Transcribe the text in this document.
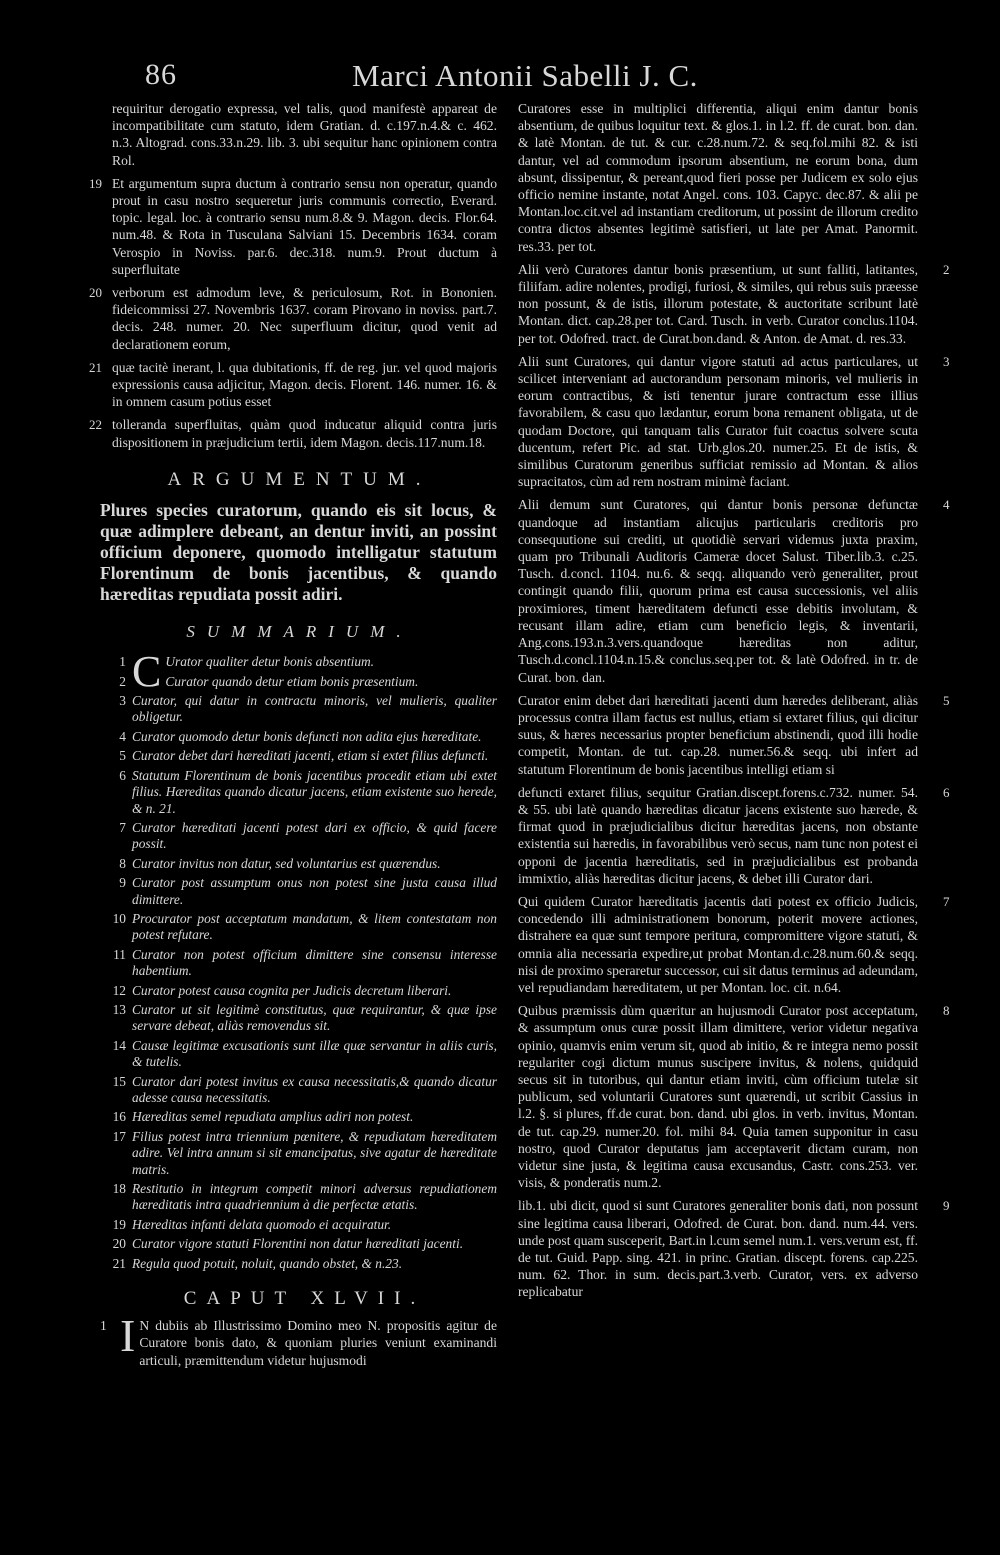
86	Marci Antonii Sabelli J. C.

requiritur derogatio expressa, vel talis, quod manifestè appareat de incompatibilitate cum statuto, idem Gratian. d. c.197.n.4.& c. 462. n.3. Altograd. cons.33.n.29. lib. 3. ubi sequitur hanc opinionem contra Rol.

19 Et argumentum supra ductum à contrario sensu non operatur, quando prout in casu nostro sequeretur juris communis correctio, Everard. topic. legal. loc. à contrario sensu num.8.& 9. Magon. decis. Flor.64. num.48. & Rota in Tusculana Salviani 15. Decembris 1634. coram Verospio in Noviss. par.6. dec.318. num.9. Prout ductum à superfluitate

20 verborum est admodum leve, & periculosum, Rot. in Bononien. fideicommissi 27. Novembris 1637. coram Pirovano in noviss. part.7. decis. 248. numer. 20. Nec superfluum dicitur, quod venit ad declarationem eorum,

21 quæ tacitè inerant, l. qua dubitationis, ff. de reg. jur. vel quod majoris expressionis causa adjicitur, Magon. decis. Florent. 146. numer. 16. & in omnem casum potius esset

22 tolleranda superfluitas, quàm quod inducatur aliquid contra juris dispositionem in præjudicium tertii, idem Magon. decis.117.num.18.

ARGUMENTUM.
Plures species curatorum, quando eis sit locus, & quæ adimplere debeant, an dentur inviti, an possint officium deponere, quomodo intelligatur statutum Florentinum de bonis jacentibus, & quando hæreditas repudiata possit adiri.
SUMMARIUM.
1 C Urator qualiter detur bonis absentium.
2	Curator quando detur etiam bonis præsentium.
3 Curator, qui datur in contractu minoris, vel mulieris, qualiter obligetur.
4 Curator quomodo detur bonis defuncti non adita ejus hæreditate.
5 Curator debet dari hæreditati jacenti, etiam si extet filius defuncti.
6 Statutum Florentinum de bonis jacentibus procedit etiam ubi extet filius. Hæreditas quando dicatur jacens, etiam existente suo herede, & n. 21.
7 Curator hæreditati jacenti potest dari ex officio, & quid facere possit.
8 Curator invitus non datur, sed voluntarius est quærendus.
9 Curator post assumptum onus non potest sine justa causa illud dimittere.
10 Procurator post acceptatum mandatum, & litem contestatam non potest refutare.
11 Curator non potest officium dimittere sine consensu interesse habentium.
12 Curator potest causa cognita per Judicis decretum liberari.
13 Curator ut sit legitimè constitutus, quæ requirantur, & quæ ipse servare debeat, aliàs removendus sit.
14 Causæ legitimæ excusationis sunt illæ quæ servantur in aliis curis, & tutelis.
15 Curator dari potest invitus ex causa necessitatis,& quando dicatur adesse causa necessitatis.
16 Hæreditas semel repudiata amplius adiri non potest.
17 Filius potest intra triennium pœnitere, & repudiatam hæreditatem adire. Vel intra annum si sit emancipatus, sive agatur de hæreditate matris.
18 Restitutio in integrum competit minori adversus repudiationem hæreditatis intra quadriennium à die perfectæ ætatis.
19 Hæreditas infanti delata quomodo ei acquiratur.
20 Curator vigore statuti Florentini non datur hæreditati jacenti.
21 Regula quod potuit, noluit, quando obstet, & n.23.
CAPUT XLVII.
1 I N dubiis ab Illustrissimo Domino meo N. propositis agitur de Curatore bonis dato, & quoniam pluries veniunt examinandi articuli, præmittendum videtur hujusmodi

Curatores esse in multiplici differentia, aliqui enim dantur bonis absentium, de quibus loquitur text. & glos.1. in l.2. ff. de curat. bon. dan. & latè Montan. de tut. & cur. c.28.num.72. & seq.fol.mihi 82. & isti dantur, vel ad commodum ipsorum absentium, ne eorum bona, dum absunt, dissipentur, & pereant,quod fieri posse per Judicem ex solo ejus officio nemine instante, notat Angel. cons. 103. Capyc. dec.87. & alii pe Montan.loc.cit.vel ad instantiam creditorum, ut possint de illorum credito contra dictos absentes legitimè satisfieri, ut late per Amat. Panormit. res.33. per tot.

2
Alii verò Curatores dantur bonis præsentium, ut sunt falliti, latitantes, filiifam. adire nolentes, prodigi, furiosi, & similes, qui rebus suis præesse non possunt, & de istis, illorum potestate, & auctoritate scribunt latè Montan. dict. cap.28.per tot. Card. Tusch. in verb. Curator conclus.1104. per tot. Odofred. tract. de Curat.bon.dand. & Anton. de Amat. d. res.33.

3
Alii sunt Curatores, qui dantur vigore statuti ad actus particulares, ut scilicet interveniant ad auctorandum personam minoris, vel mulieris in eorum contractibus, & isti tenentur jurare contractum esse illius favorabilem, & casu quo lædantur, eorum bona remanent obligata, ut de quodam Doctore, qui tanquam talis Curator fuit coactus solvere scuta ducentum, refert Pic. ad stat. Urb.glos.20. numer.25. Et de istis, & similibus Curatorum generibus sufficiat remissio ad Montan. & alios supracitatos, cùm ad rem nostram minimè faciant.

4
Alii demum sunt Curatores, qui dantur bonis personæ defunctæ quandoque ad instantiam alicujus particularis creditoris pro consequutione sui crediti, ut quotidiè servari videmus juxta praxim, quam pro Tribunali Auditoris Cameræ docet Salust. Tiber.lib.3. c.25. Tusch. d.concl. 1104. nu.6. & seqq. aliquando verò generaliter, prout contingit quando filii, quorum prima est causa successionis, vel aliis proximiores, timent hæreditatem defuncti esse debitis involutam, & recusant illam adire, etiam cum beneficio legis, & inventarii, Ang.cons.193.n.3.vers.quandoque hæreditas non aditur, Tusch.d.concl.1104.n.15.& conclus.seq.per tot. & latè Odofred. in tr. de Curat. bon. dan.

5
Curator enim debet dari hæreditati jacenti dum hæredes deliberant, aliàs processus contra illam factus est nullus, etiam si extaret filius, qui dicitur suus, & hæres necessarius propter beneficium abstinendi, quod illi hodie competit, Montan. de tut. cap.28. numer.56.& seqq. ubi infert ad statutum Florentinum de bonis jacentibus intelligi etiam si

6
defuncti extaret filius, sequitur Gratian.discept.forens.c.732. numer. 54. & 55. ubi latè quando hæreditas dicatur jacens existente suo hærede, & firmat quod in præjudicialibus dicitur hæreditas jacens, non obstante existentia sui hæredis, in favorabilibus verò secus, nam tunc non potest ei opponi de jacentia hæreditatis, sed in præjudicialibus est probanda immixtio, aliàs hæreditas dicitur jacens, & debet illi Curator dari.

7
Qui quidem Curator hæreditatis jacentis dati potest ex officio Judicis, concedendo illi administrationem bonorum, poterit movere actiones, distrahere ea quæ sunt tempore peritura, compromittere vigore statuti, & omnia alia necessaria expedire,ut probat Montan.d.c.28.num.60.& seqq. nisi de proximo speraretur successor, cui sit datus terminus ad adeundam, vel repudiandam hæreditatem, ut per Montan. loc. cit. n.64.

8
Quibus præmissis dùm quæritur an hujusmodi Curator post acceptatum, & assumptum onus curæ possit illam dimittere, verior videtur negativa opinio, quamvis enim verum sit, quod ab initio, & re integra nemo possit regulariter cogi dictum munus suscipere invitus, & nolens, quidquid secus sit in tutoribus, qui dantur etiam inviti, cùm officium tutelæ sit publicum, sed voluntarii Curatores sunt quærendi, ut scribit Cassius in l.2. §. si plures, ff.de curat. bon. dand. ubi glos. in verb. invitus, Montan. de tut. cap.29. numer.20. fol. mihi 84. Quia tamen supponitur in casu nostro, quod Curator deputatus jam acceptaverit dictam curam, non videtur sine justa, & legitima causa excusandus, Castr. cons.253. ver. visis, & ponderatis num.2.

9
lib.1. ubi dicit, quod si sunt Curatores generaliter bonis dati, non possunt sine legitima causa liberari, Odofred. de Curat. bon. dand. num.44. vers. unde post quam susceperit, Bart.in l.cum semel num.1. vers.verum est, ff. de tut. Guid. Papp. sing. 421. in princ. Gratian. discept. forens. cap.225. num. 62. Thor. in sum. decis.part.3.verb. Curator, vers. ex adverso replicabatur
